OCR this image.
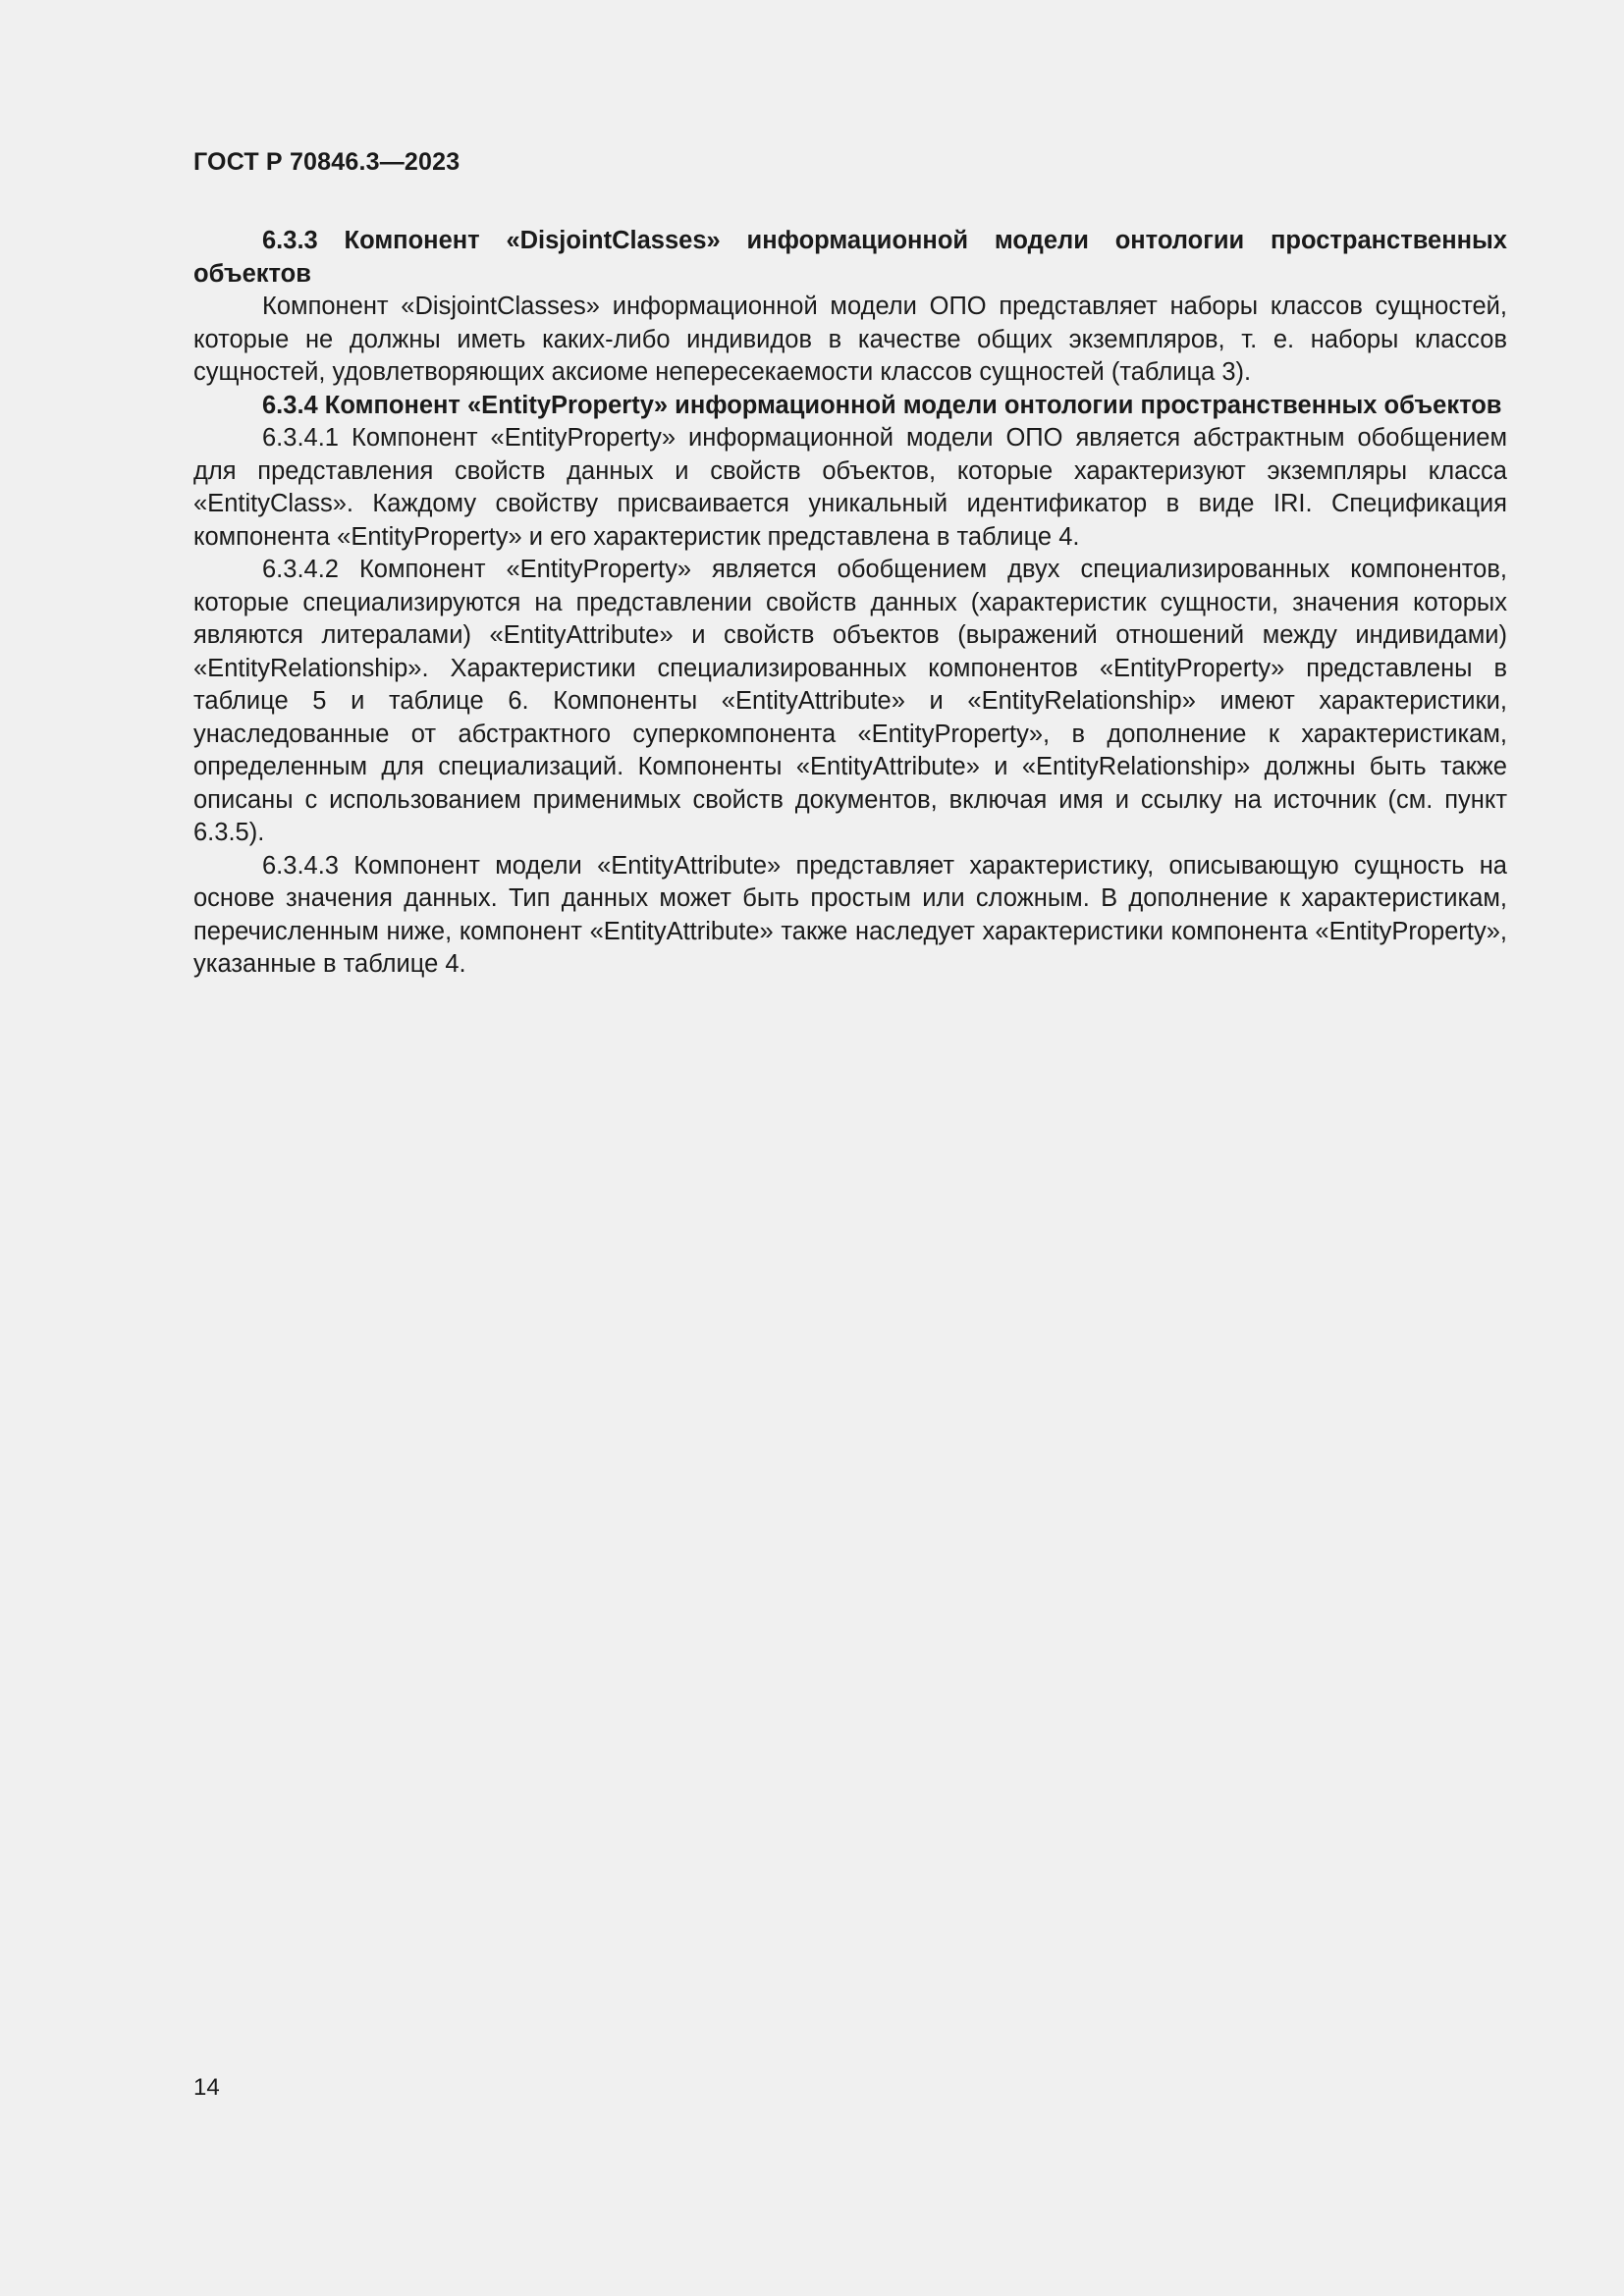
ГОСТ Р 70846.3—2023

6.3.3 Компонент «DisjointClasses» информационной модели онтологии пространственных объектов

Компонент «DisjointClasses» информационной модели ОПО представляет наборы классов сущностей, которые не должны иметь каких-либо индивидов в качестве общих экземпляров, т. е. наборы классов сущностей, удовлетворяющих аксиоме непересекаемости классов сущностей (таблица 3).

6.3.4 Компонент «EntityProperty» информационной модели онтологии пространственных объектов

6.3.4.1 Компонент «EntityProperty» информационной модели ОПО является абстрактным обобщением для представления свойств данных и свойств объектов, которые характеризуют экземпляры класса «EntityClass». Каждому свойству присваивается уникальный идентификатор в виде IRI. Спецификация компонента «EntityProperty» и его характеристик представлена в таблице 4.

6.3.4.2 Компонент «EntityProperty» является обобщением двух специализированных компонентов, которые специализируются на представлении свойств данных (характеристик сущности, значения которых являются литералами) «EntityAttribute» и свойств объектов (выражений отношений между индивидами) «EntityRelationship». Характеристики специализированных компонентов «EntityProperty» представлены в таблице 5 и таблице 6. Компоненты «EntityAttribute» и «EntityRelationship» имеют характеристики, унаследованные от абстрактного суперкомпонента «EntityProperty», в дополнение к характеристикам, определенным для специализаций. Компоненты «EntityAttribute» и «EntityRelationship» должны быть также описаны с использованием применимых свойств документов, включая имя и ссылку на источник (см. пункт 6.3.5).

6.3.4.3 Компонент модели «EntityAttribute» представляет характеристику, описывающую сущность на основе значения данных. Тип данных может быть простым или сложным. В дополнение к характеристикам, перечисленным ниже, компонент «EntityAttribute» также наследует характеристики компонента «EntityProperty», указанные в таблице 4.

14
